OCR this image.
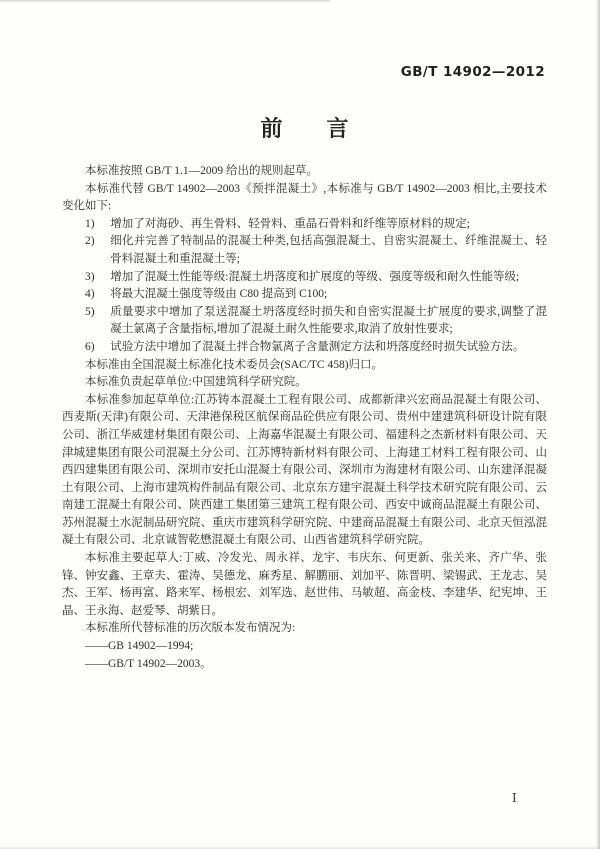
GB/T 14902—2012
前　　言

本标准按照 GB/T 1.1—2009 给出的规则起草。

本标准代替 GB/T 14902—2003《预拌混凝土》,本标准与 GB/T 14902—2003 相比,主要技术变化如下:

1)	增加了对海砂、再生骨料、轻骨料、重晶石骨料和纤维等原材料的规定;
2)	细化并完善了特制品的混凝土种类,包括高强混凝土、自密实混凝土、纤维混凝土、轻骨料混凝土和重混凝土等;
3)	增加了混凝土性能等级:混凝土坍落度和扩展度的等级、强度等级和耐久性能等级;
4)	将最大混凝土强度等级由 C80 提高到 C100;
5)	质量要求中增加了泵送混凝土坍落度经时损失和自密实混凝土扩展度的要求,调整了混凝土氯离子含量指标,增加了混凝土耐久性能要求,取消了放射性要求;
6)	试验方法中增加了混凝土拌合物氯离子含量测定方法和坍落度经时损失试验方法。

本标准由全国混凝土标准化技术委员会(SAC/TC 458)归口。

本标准负责起草单位:中国建筑科学研究院。

本标准参加起草单位:江苏铸本混凝土工程有限公司、成都新津兴宏商品混凝土有限公司、西麦斯(天津)有限公司、天津港保税区航保商品砼供应有限公司、贵州中建建筑科研设计院有限公司、浙江华威建材集团有限公司、上海嘉华混凝土有限公司、福建科之杰新材料有限公司、天津城建集团有限公司混凝土分公司、江苏博特新材料有限公司、上海建工材料工程有限公司、山西四建集团有限公司、深圳市安托山混凝土有限公司、深圳市为海建材有限公司、山东建泽混凝土有限公司、上海市建筑构件制品有限公司、北京东方建宇混凝土科学技术研究院有限公司、云南建工混凝土有限公司、陕西建工集团第三建筑工程有限公司、西安中诚商品混凝土有限公司、苏州混凝土水泥制品研究院、重庆市建筑科学研究院、中建商品混凝土有限公司、北京天恒泓混凝土有限公司、北京诚智乾懋混凝土有限公司、山西省建筑科学研究院。

本标准主要起草人:丁威、冷发光、周永祥、龙宇、韦庆东、何更新、张关来、齐广华、张锋、钟安鑫、王章夫、霍涛、吴德龙、麻秀星、解鹏丽、刘加平、陈晋明、梁锡武、王龙志、吴杰、王军、杨再富、路来军、杨根宏、刘军选、赵世伟、马敏超、高金枝、李建华、纪宪坤、王晶、王永海、赵爱琴、胡紫日。

本标准所代替标准的历次版本发布情况为:

——GB 14902—1994;

——GB/T 14902—2003。

Ⅰ
